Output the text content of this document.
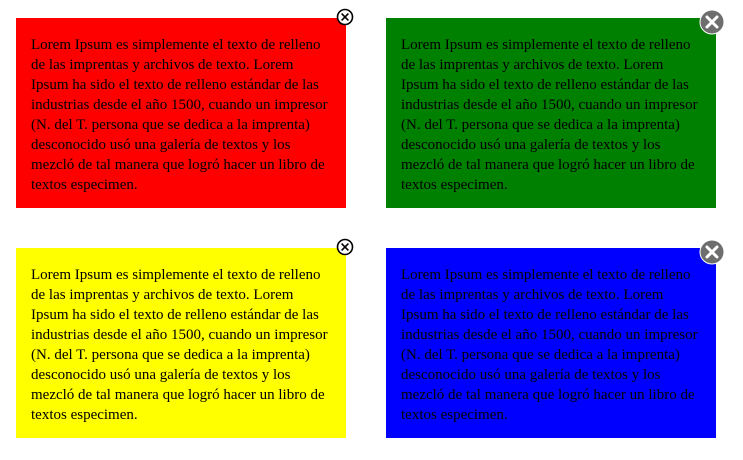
Lorem Ipsum es simplemente el texto de relleno de las imprentas y archivos de texto. Lorem Ipsum ha sido el texto de relleno estándar de las industrias desde el año 1500, cuando un impresor (N. del T. persona que se dedica a la imprenta) desconocido usó una galería de textos y los mezcló de tal manera que logró hacer un libro de textos especimen.

Lorem Ipsum es simplemente el texto de relleno de las imprentas y archivos de texto. Lorem Ipsum ha sido el texto de relleno estándar de las industrias desde el año 1500, cuando un impresor (N. del T. persona que se dedica a la imprenta) desconocido usó una galería de textos y los mezcló de tal manera que logró hacer un libro de textos especimen.

Lorem Ipsum es simplemente el texto de relleno de las imprentas y archivos de texto. Lorem Ipsum ha sido el texto de relleno estándar de las industrias desde el año 1500, cuando un impresor (N. del T. persona que se dedica a la imprenta) desconocido usó una galería de textos y los mezcló de tal manera que logró hacer un libro de textos especimen.

Lorem Ipsum es simplemente el texto de relleno de las imprentas y archivos de texto. Lorem Ipsum ha sido el texto de relleno estándar de las industrias desde el año 1500, cuando un impresor (N. del T. persona que se dedica a la imprenta) desconocido usó una galería de textos y los mezcló de tal manera que logró hacer un libro de textos especimen.
